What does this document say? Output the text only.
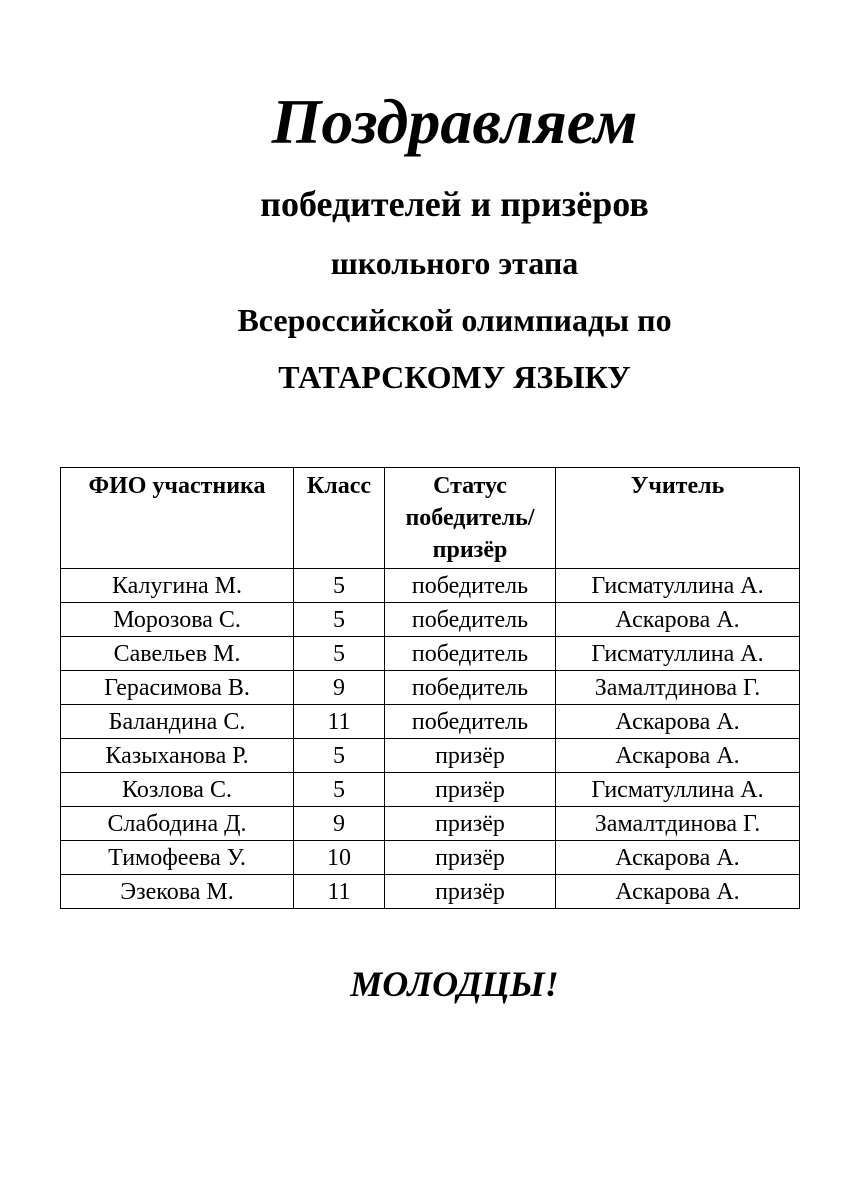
Поздравляем
победителей и призёров
школьного этапа
Всероссийской олимпиады по
ТАТАРСКОМУ ЯЗЫКУ
ФИО участника	Класс	Статус победитель/ призёр	Учитель
Калугина М.	5	победитель	Гисматуллина А.
Морозова С.	5	победитель	Аскарова А.
Савельев М.	5	победитель	Гисматуллина А.
Герасимова В.	9	победитель	Замалтдинова Г.
Баландина С.	11	победитель	Аскарова А.
Казыханова Р.	5	призёр	Аскарова А.
Козлова С.	5	призёр	Гисматуллина А.
Слабодина Д.	9	призёр	Замалтдинова Г.
Тимофеева У.	10	призёр	Аскарова А.
Эзекова М.	11	призёр	Аскарова А.
МОЛОДЦЫ!
